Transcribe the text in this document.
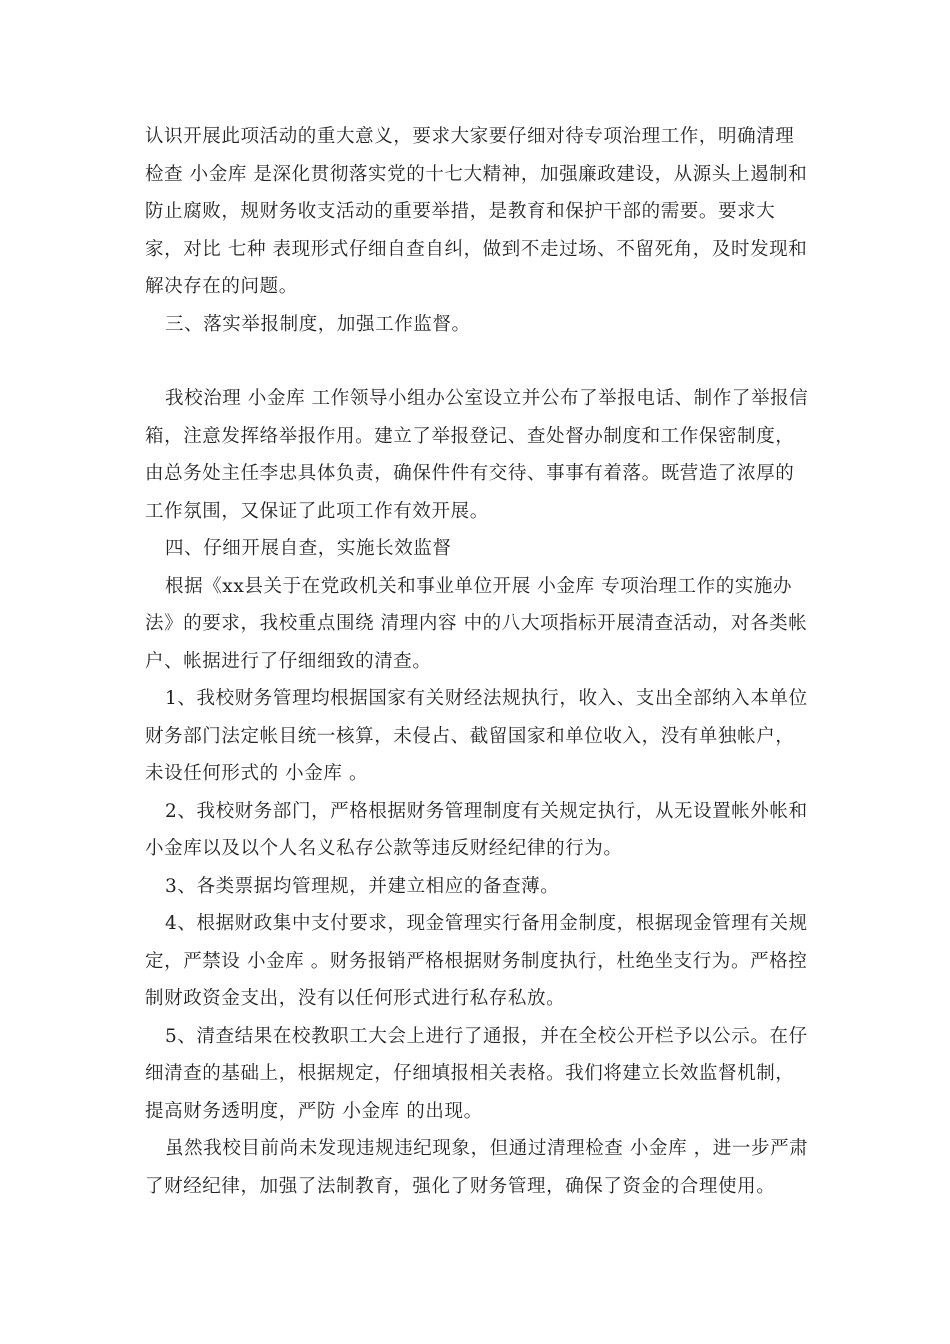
认识开展此项活动的重大意义，要求大家要仔细对待专项治理工作，明确清理检查 小金库 是深化贯彻落实党的十七大精神，加强廉政建设，从源头上遏制和防止腐败，规财务收支活动的重要举措，是教育和保护干部的需要。要求大家，对比 七种 表现形式仔细自查自纠，做到不走过场、不留死角，及时发现和解决存在的问题。

三、落实举报制度，加强工作监督。

我校治理 小金库 工作领导小组办公室设立并公布了举报电话、制作了举报信箱，注意发挥络举报作用。建立了举报登记、查处督办制度和工作保密制度，由总务处主任李忠具体负责，确保件件有交待、事事有着落。既营造了浓厚的工作氛围，又保证了此项工作有效开展。

四、仔细开展自查，实施长效监督

根据《xx县关于在党政机关和事业单位开展 小金库 专项治理工作的实施办法》的要求，我校重点围绕 清理内容 中的八大项指标开展清查活动，对各类帐户、帐据进行了仔细细致的清查。

1、我校财务管理均根据国家有关财经法规执行，收入、支出全部纳入本单位财务部门法定帐目统一核算，未侵占、截留国家和单位收入，没有单独帐户，未设任何形式的 小金库 。

2、我校财务部门，严格根据财务管理制度有关规定执行，从无设置帐外帐和小金库以及以个人名义私存公款等违反财经纪律的行为。

3、各类票据均管理规，并建立相应的备查薄。

4、根据财政集中支付要求，现金管理实行备用金制度，根据现金管理有关规定，严禁设 小金库 。财务报销严格根据财务制度执行，杜绝坐支行为。严格控制财政资金支出，没有以任何形式进行私存私放。

5、清查结果在校教职工大会上进行了通报，并在全校公开栏予以公示。在仔细清查的基础上，根据规定，仔细填报相关表格。我们将建立长效监督机制，提高财务透明度，严防 小金库 的出现。

虽然我校目前尚未发现违规违纪现象，但通过清理检查 小金库 ，进一步严肃了财经纪律，加强了法制教育，强化了财务管理，确保了资金的合理使用。
